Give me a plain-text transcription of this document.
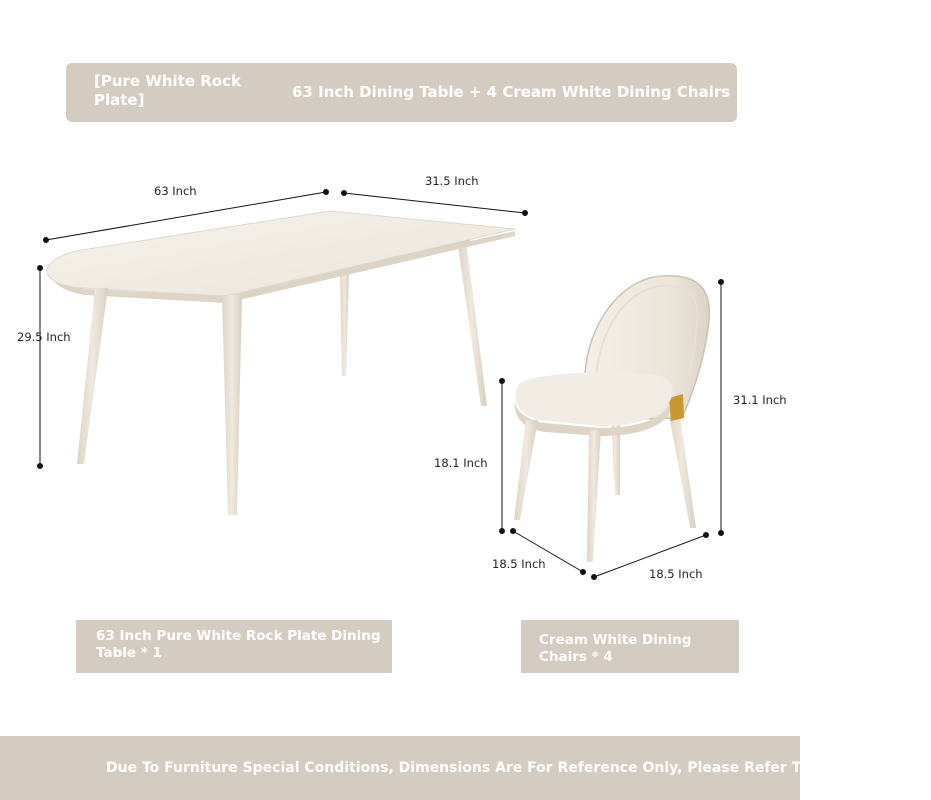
[Pure White Rock Plate]	63 Inch Dining Table + 4 Cream White Dining Chairs
63 Inch
31.5 Inch
29.5 Inch
31.1 Inch
18.1 Inch
18.5 Inch
18.5 Inch
63 Inch Pure White Rock Plate Dining Table * 1
Cream White Dining Chairs * 4
Due To Furniture Special Conditions, Dimensions Are For Reference Only, Please Refer To Actual Product
